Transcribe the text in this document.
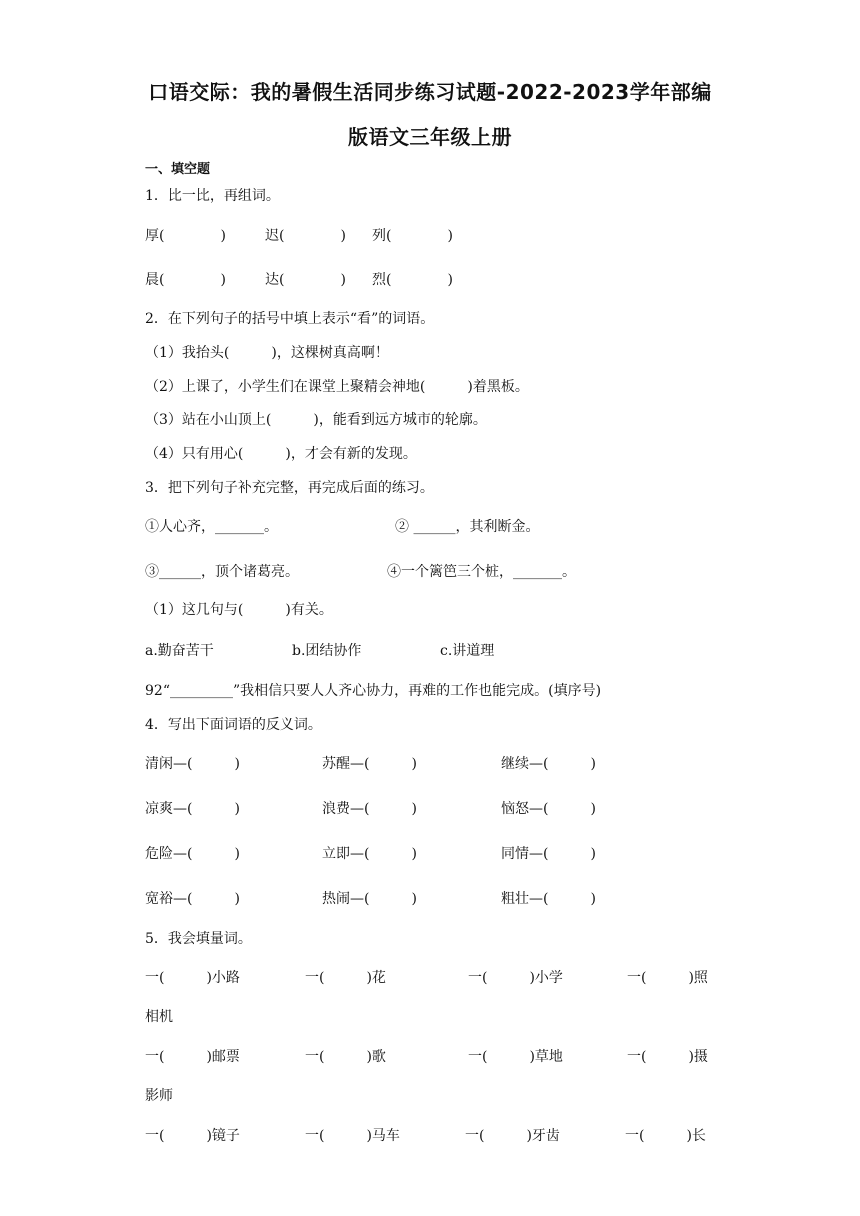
口语交际：我的暑假生活同步练习试题-2022-2023学年部编
版语文三年级上册
一、填空题
1．比一比，再组词。
厚(　　　　)	迟(　　　　) 列(　　　　)
晨(　　　　)	达(　　　　) 烈(　　　　)
2．在下列句子的括号中填上表示“看”的词语。
（1）我抬头(　　　)，这棵树真高啊！
（2）上课了，小学生们在课堂上聚精会神地(　　　)着黑板。
（3）站在小山顶上(　　　)，能看到远方城市的轮廓。
（4）只有用心(　　　)，才会有新的发现。
3．把下列句子补充完整，再完成后面的练习。
①人心齐，_______。	② ______，其利断金。
③______，顶个诸葛亮。	④一个篱笆三个桩，_______。
（1）这几句与(　　　)有关。
a.勤奋苦干	b.团结协作	c.讲道理
92“_________”我相信只要人人齐心协力，再难的工作也能完成。(填序号)
4．写出下面词语的反义词。
清闲—(　　　)	苏醒—(　　　)	继续—(　　　)
凉爽—(　　　)	浪费—(　　　)	恼怒—(　　　)
危险—(　　　)	立即—(　　　)	同情—(　　　)
宽裕—(　　　)	热闹—(　　　)	粗壮—(　　　)
5．我会填量词。
一(　　　)小路	一(　　　)花	一(　　　)小学	一(　　　)照
相机
一(　　　)邮票	一(　　　)歌	一(　　　)草地	一(　　　)摄
影师
一(　　　)镜子	一(　　　)马车	一(　　　)牙齿	一(　　　)长
